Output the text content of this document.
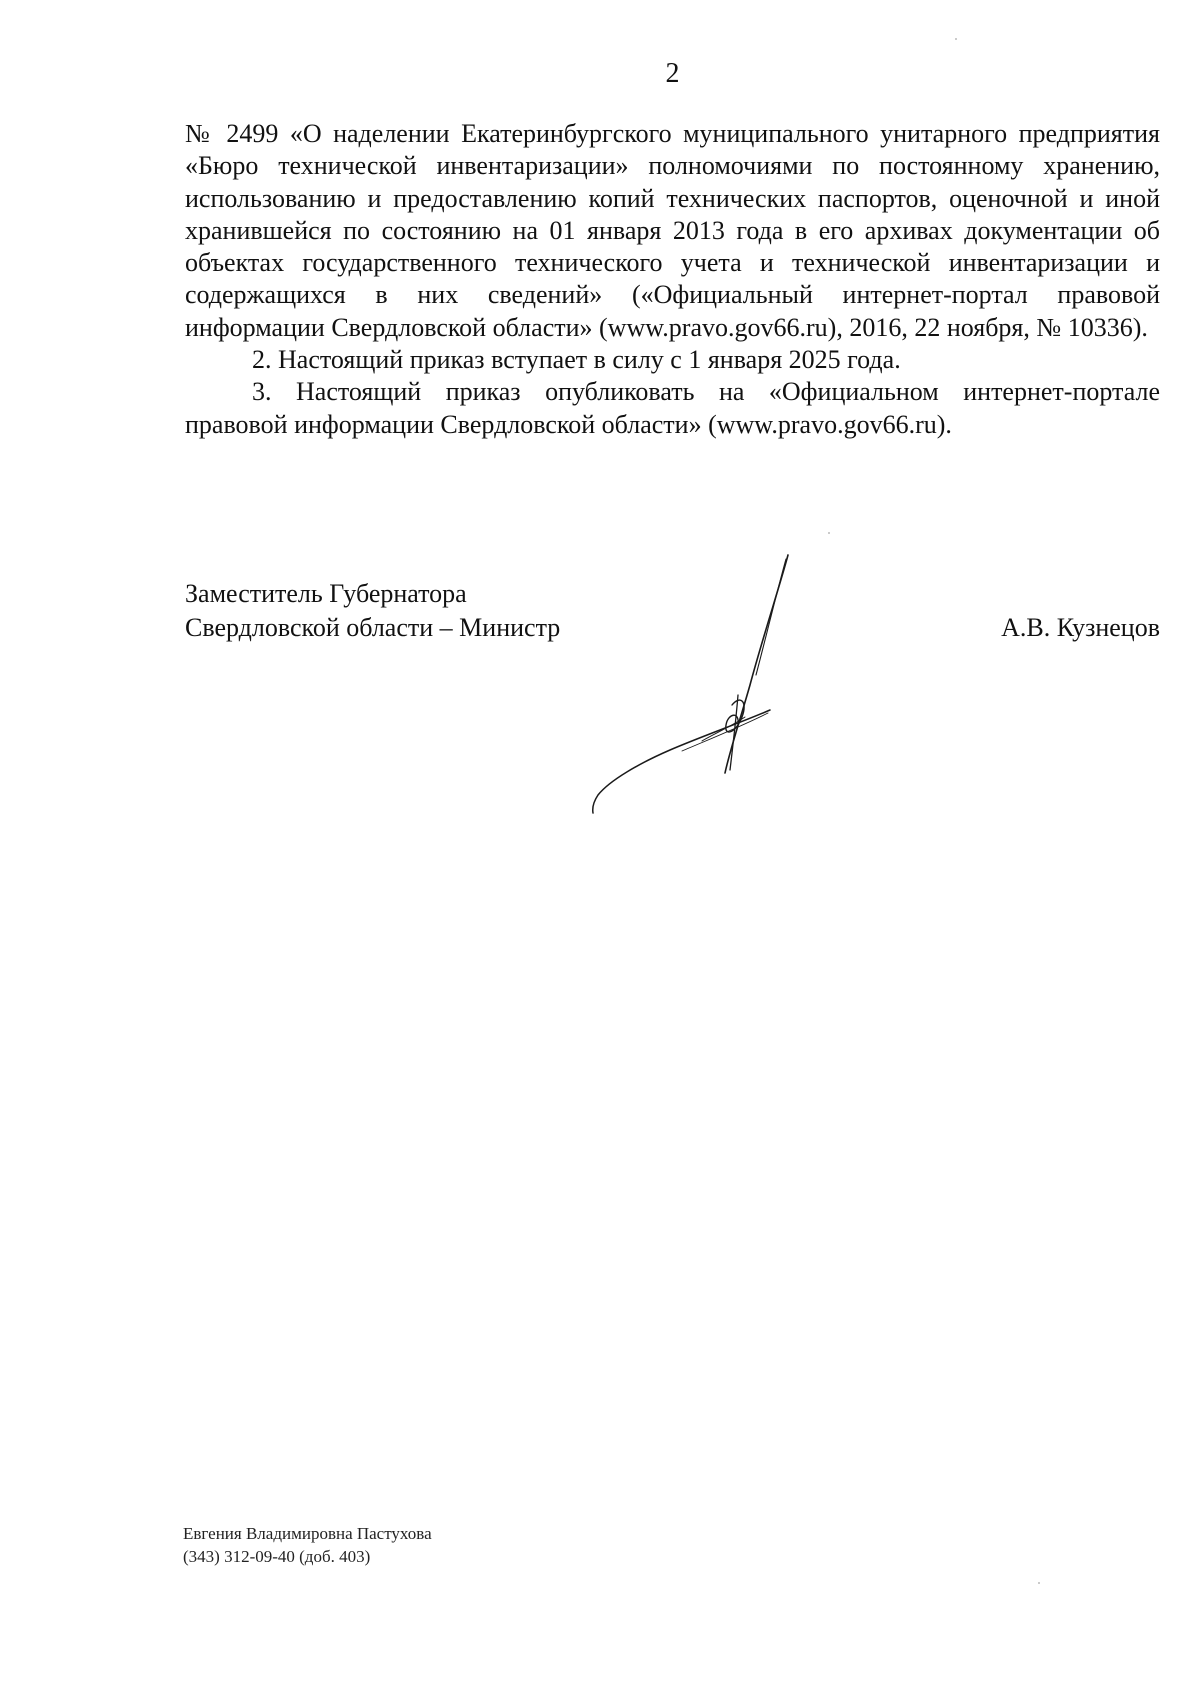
2

№ 2499 «О наделении Екатеринбургского муниципального унитарного предприятия «Бюро технической инвентаризации» полномочиями по постоянному хранению, использованию и предоставлению копий технических паспортов, оценочной и иной хранившейся по состоянию на 01 января 2013 года в его архивах документации об объектах государственного технического учета и технической инвентаризации и содержащихся в них сведений» («Официальный интернет-портал правовой информации Свердловской области» (www.pravo.gov66.ru), 2016, 22 ноября, № 10336).

2. Настоящий приказ вступает в силу с 1 января 2025 года.

3. Настоящий приказ опубликовать на «Официальном интернет-портале правовой информации Свердловской области» (www.pravo.gov66.ru).

Заместитель Губернатора
Свердловской области – Министр	А.В. Кузнецов
Евгения Владимировна Пастухова
(343) 312-09-40 (доб. 403)
